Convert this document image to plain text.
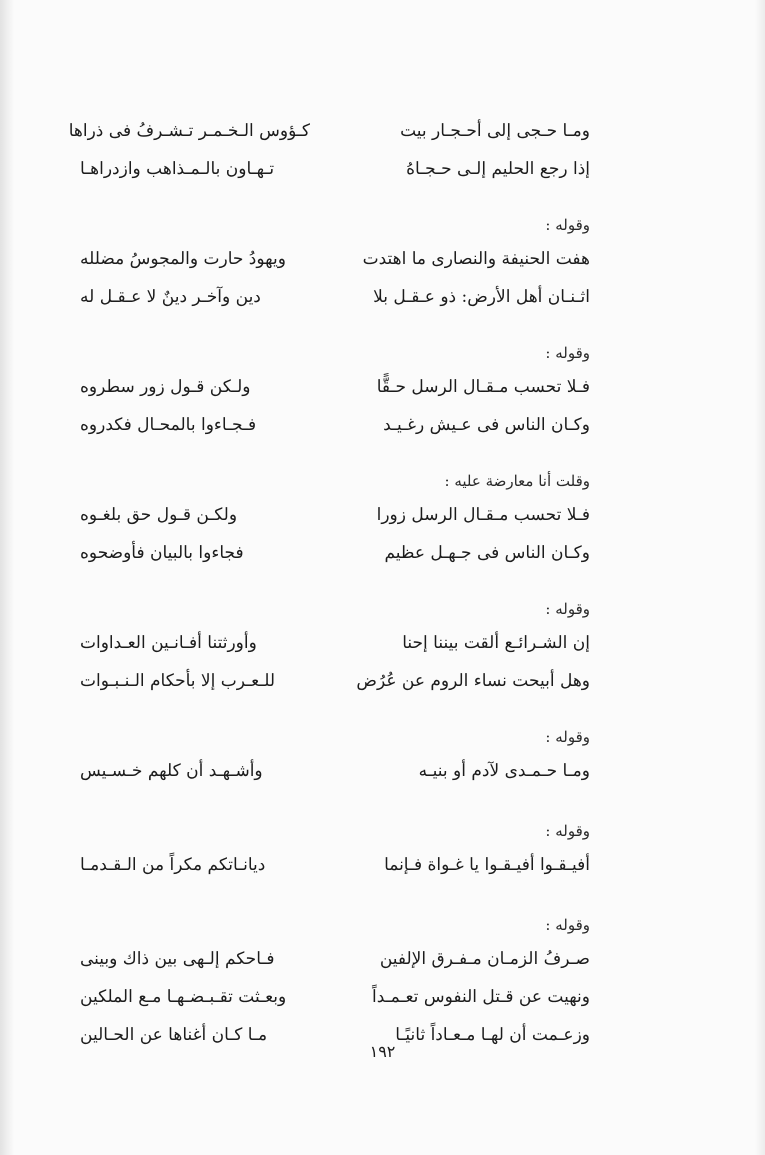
ومـا حـجى إلى أحـجـار بيت
كـؤوس الـخـمـر تـشـرفُ فى ذراها
إذا رجع الحليم إلـى حـجـاهُ
تـهـاون بالـمـذاهب وازدراهـا
وقوله :
هفت الحنيفة والنصارى ما اهتدت
ويهودُ حارت والمجوسُ مضلله
اثـنـان أهل الأرض: ذو عـقـل بلا
دين وآخـر دينٌ لا عـقـل له
وقوله :
فـلا تحسب مـقـال الرسل حـقًّا
ولـكن قـول زور سطروه
وكـان الناس فى عـيش رغـيـد
فـجـاءوا بالمحـال فكدروه
وقلت أنا معارضة عليه :
فـلا تحسب مـقـال الرسل زورا
ولكـن قـول حق بلغـوه
وكـان الناس فى جـهـل عظيم
فجاءوا بالبيان فأوضحوه
وقوله :
إن الشـرائـع ألقت بيننا إحنا
وأورثتنا أفـانـين العـداوات
وهل أبيحت نساء الروم عن عُرُض
للـعـرب إلا بأحكام الـنـبـوات
وقوله :
ومـا حـمـدى لآدم أو بنيـه
وأشـهـد أن كلهم خـسـيس
وقوله :
أفيـقـوا أفيـقـوا يا غـواة فـإنما
ديانـاتكم مكراً من الـقـدمـا
وقوله :
صـرفُ الزمـان مـفـرق الإلفين
فـاحكم إلـهى بين ذاك وبينى
ونهيت عن قـتل النفوس تعـمـداً
وبعـثت تقـبـضـهـا مـع الملكين
وزعـمت أن لهـا مـعـاداً ثانيًـا
مـا كـان أغناها عن الحـالين
١٩٢
